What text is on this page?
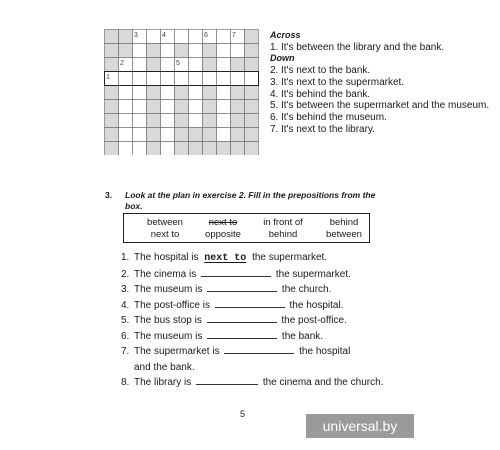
1
2
3	4
5
6	7	Across
1. It's between the library and the bank.
Down
2. It's next to the bank.
3. It's next to the supermarket.
4. It's behind the bank.
5. It's between the supermarket and the museum.
6. It's behind the museum.
7. It's next to the library.
3. Look at the plan in exercise 2. Fill in the prepositions from the box.
between	next to	in front of	behind
next to	opposite	behind	between
1. The hospital is next to the supermarket.
2. The cinema is	the supermarket.
3. The museum is	the church.
4. The post-office is	the hospital.
5. The bus stop is	the post-office.
6. The museum is	the bank.
7. The supermarket is	the hospital
and the bank.
8. The library is	the cinema and the church.
5
universal.by
